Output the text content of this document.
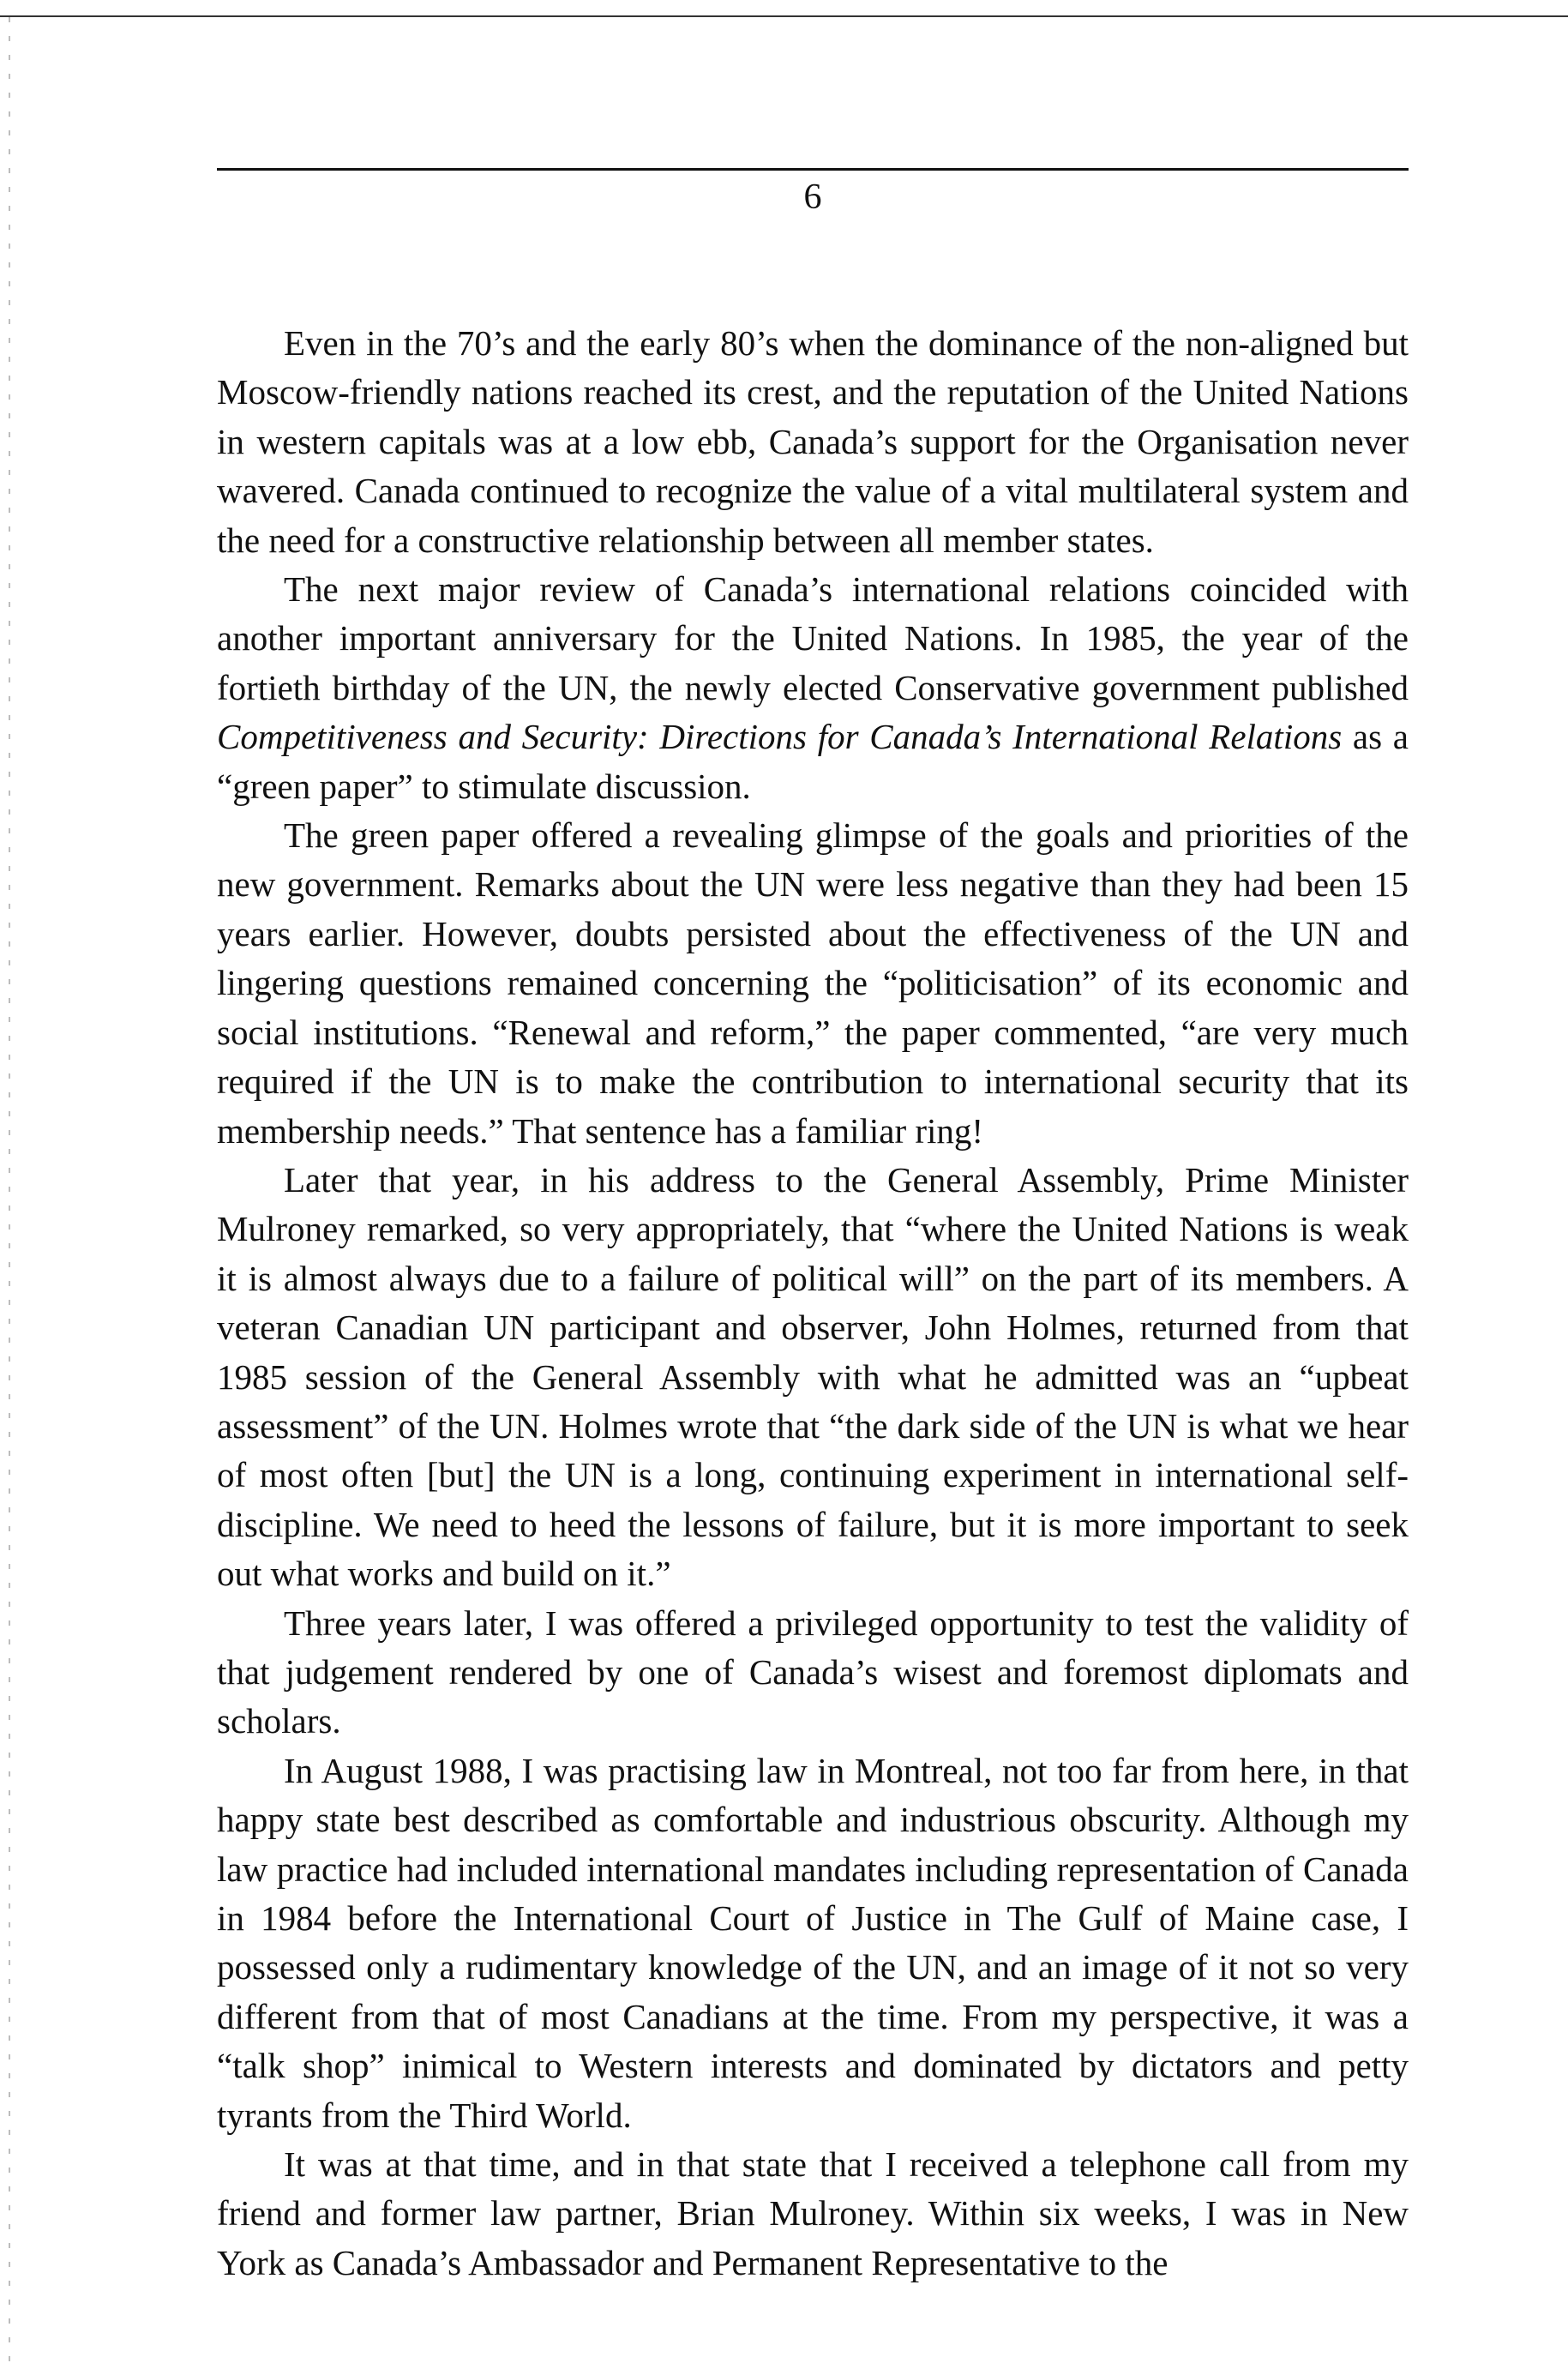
6

Even in the 70’s and the early 80’s when the dominance of the non-aligned but Moscow-friendly nations reached its crest, and the reputation of the United Nations in western capitals was at a low ebb, Canada’s support for the Organisation never wavered. Canada continued to recognize the value of a vital multilateral system and the need for a constructive relationship between all member states.

The next major review of Canada’s international relations coincided with another important anniversary for the United Nations. In 1985, the year of the fortieth birthday of the UN, the newly elected Conservative government published Competitiveness and Security: Directions for Canada’s International Relations as a “green paper” to stimulate discussion.

The green paper offered a revealing glimpse of the goals and priorities of the new government. Remarks about the UN were less negative than they had been 15 years earlier. However, doubts persisted about the effectiveness of the UN and lingering questions remained concerning the “politicisation” of its economic and social institutions. “Renewal and reform,” the paper commented, “are very much required if the UN is to make the contribution to international security that its membership needs.” That sentence has a familiar ring!

Later that year, in his address to the General Assembly, Prime Minister Mulroney remarked, so very appropriately, that “where the United Nations is weak it is almost always due to a failure of political will” on the part of its members. A veteran Canadian UN participant and observer, John Holmes, returned from that 1985 session of the General Assembly with what he admitted was an “upbeat assessment” of the UN. Holmes wrote that “the dark side of the UN is what we hear of most often [but] the UN is a long, continuing experiment in international self-discipline. We need to heed the lessons of failure, but it is more important to seek out what works and build on it.”

Three years later, I was offered a privileged opportunity to test the validity of that judgement rendered by one of Canada’s wisest and foremost diplomats and scholars.

In August 1988, I was practising law in Montreal, not too far from here, in that happy state best described as comfortable and industrious obscurity. Although my law practice had included international mandates including representation of Canada in 1984 before the International Court of Justice in The Gulf of Maine case, I possessed only a rudimentary knowledge of the UN, and an image of it not so very different from that of most Canadians at the time. From my perspective, it was a “talk shop” inimical to Western interests and dominated by dictators and petty tyrants from the Third World.

It was at that time, and in that state that I received a telephone call from my friend and former law partner, Brian Mulroney. Within six weeks, I was in New York as Canada’s Ambassador and Permanent Representative to the
